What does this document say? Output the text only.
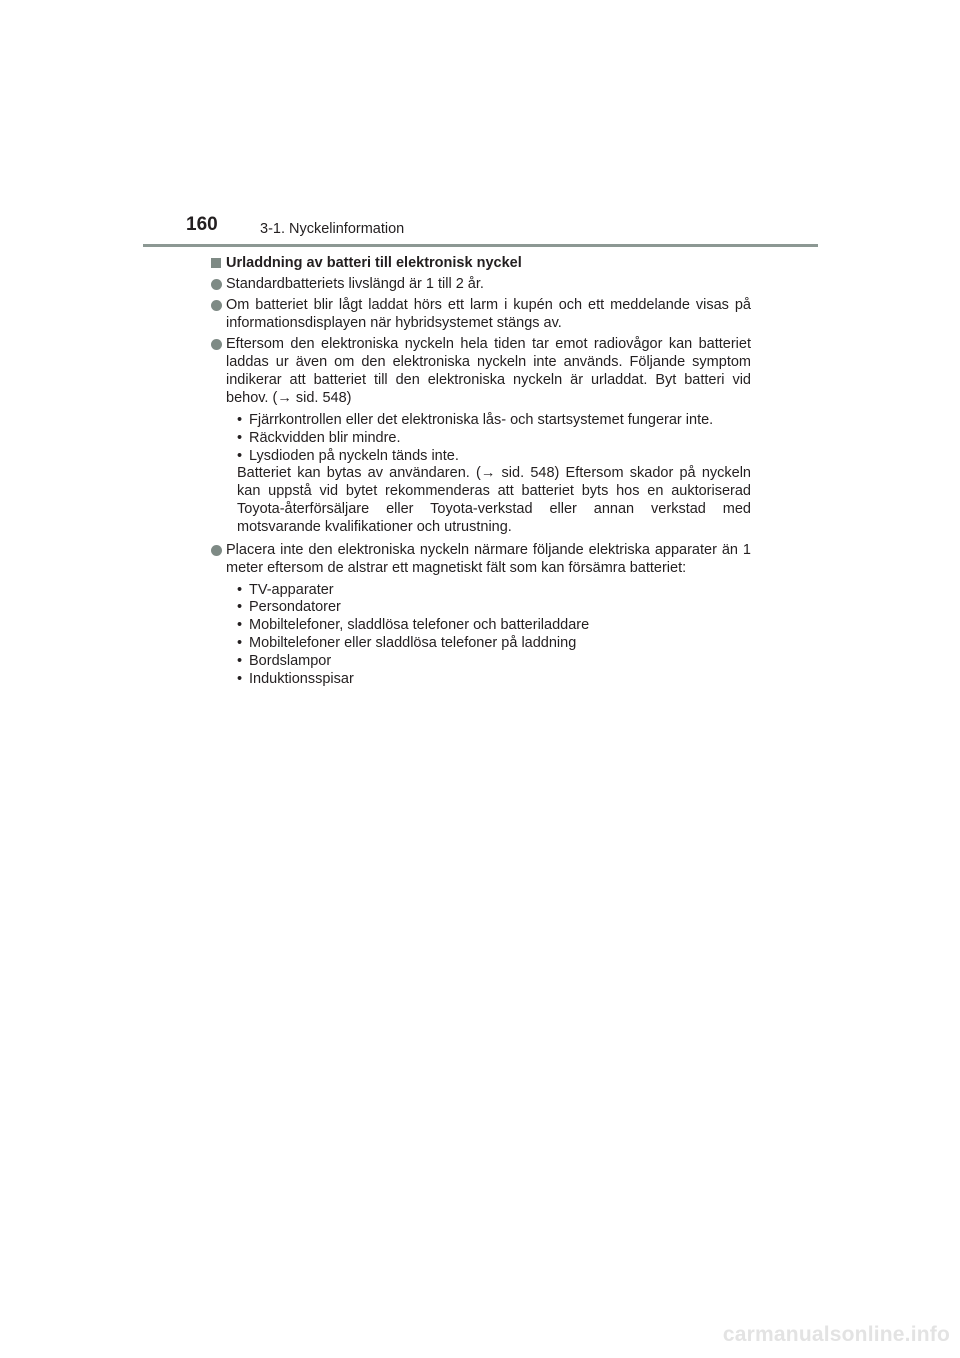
160	3-1. Nyckelinformation
Urladdning av batteri till elektronisk nyckel
Standardbatteriets livslängd är 1 till 2 år.
Om batteriet blir lågt laddat hörs ett larm i kupén och ett meddelande visas på informationsdisplayen när hybridsystemet stängs av.
Eftersom den elektroniska nyckeln hela tiden tar emot radiovågor kan batteriet laddas ur även om den elektroniska nyckeln inte används. Följande symptom indikerar att batteriet till den elektroniska nyckeln är urladdat. Byt batteri vid behov. (→ sid. 548)
• Fjärrkontrollen eller det elektroniska lås- och startsystemet fungerar inte.
• Räckvidden blir mindre.
• Lysdioden på nyckeln tänds inte.
Batteriet kan bytas av användaren. (→ sid. 548) Eftersom skador på nyckeln kan uppstå vid bytet rekommenderas att batteriet byts hos en auktoriserad Toyota-återförsäljare eller Toyota-verkstad eller annan verkstad med motsvarande kvalifikationer och utrustning.
Placera inte den elektroniska nyckeln närmare följande elektriska apparater än 1 meter eftersom de alstrar ett magnetiskt fält som kan försämra batteriet:
• TV-apparater
• Persondatorer
• Mobiltelefoner, sladdlösa telefoner och batteriladdare
• Mobiltelefoner eller sladdlösa telefoner på laddning
• Bordslampor
• Induktionsspisar
carmanualsonline.info
